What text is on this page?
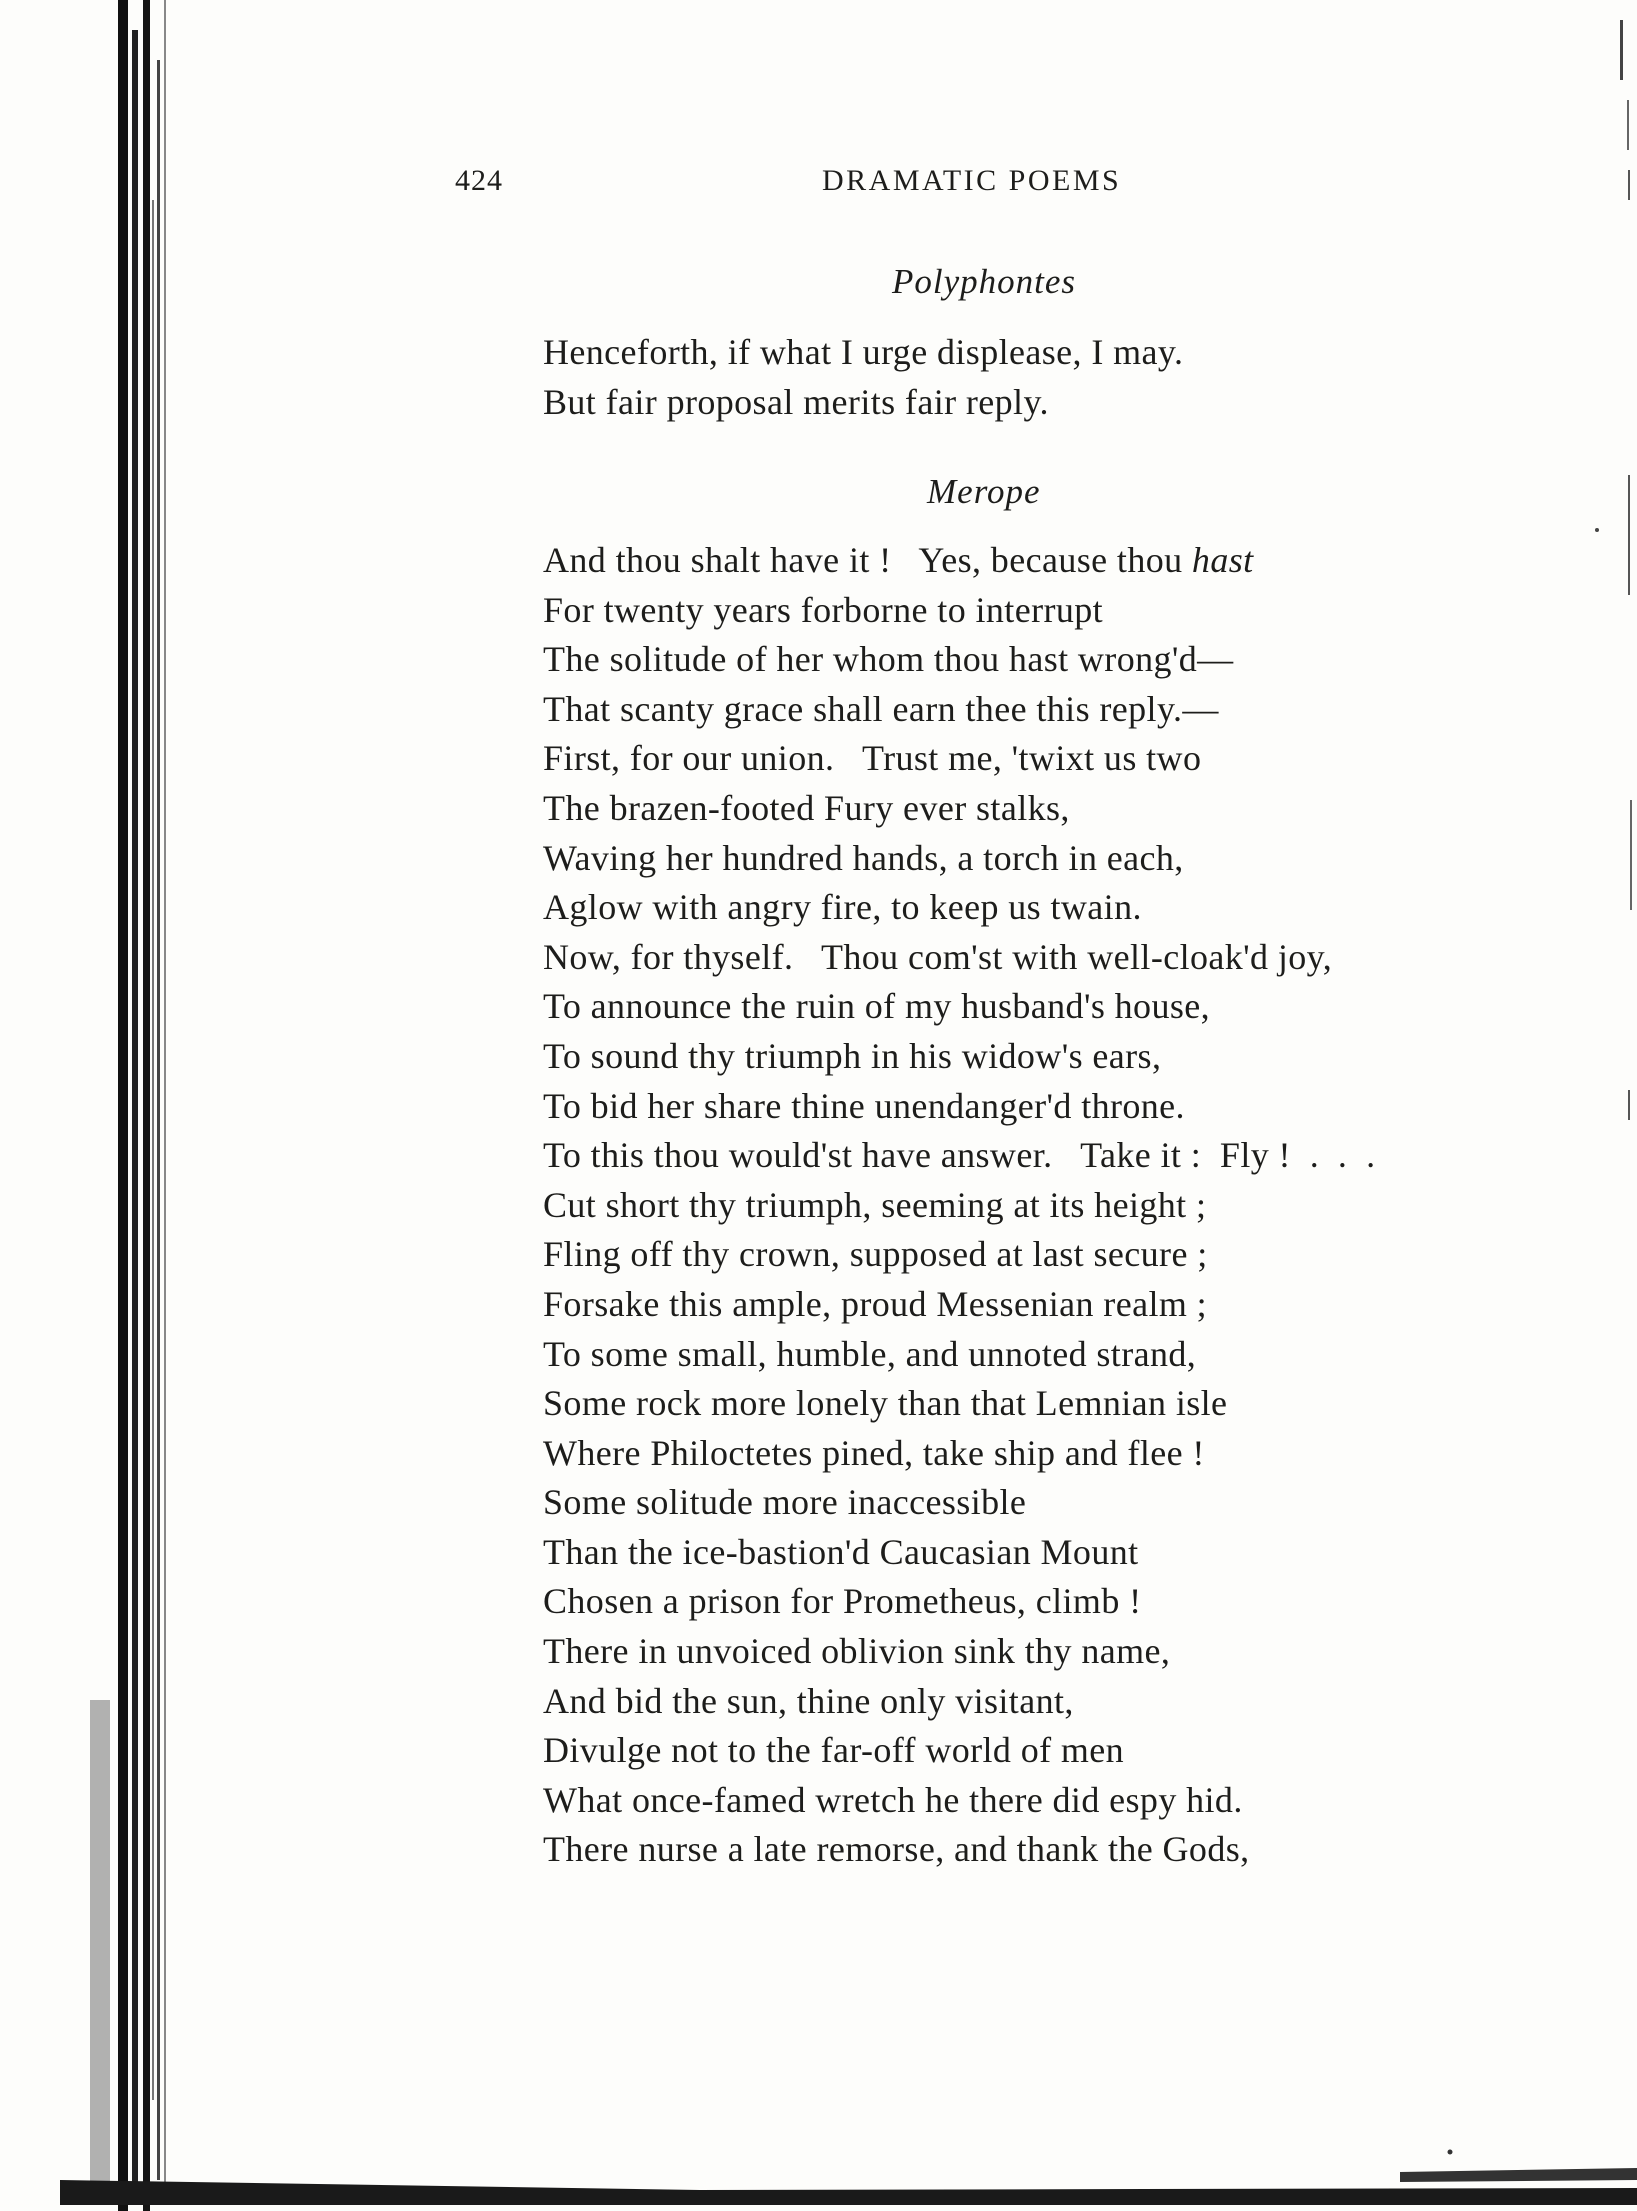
424	DRAMATIC POEMS
Polyphontes
Henceforth, if what I urge displease, I may.
But fair proposal merits fair reply.
Merope
And thou shalt have it !   Yes, because thou hast
For twenty years forborne to interrupt
The solitude of her whom thou hast wrong'd—
That scanty grace shall earn thee this reply.—
First, for our union.   Trust me, 'twixt us two
The brazen-footed Fury ever stalks,
Waving her hundred hands, a torch in each,
Aglow with angry fire, to keep us twain.
Now, for thyself.   Thou com'st with well-cloak'd joy,
To announce the ruin of my husband's house,
To sound thy triumph in his widow's ears,
To bid her share thine unendanger'd throne.
To this thou would'st have answer.   Take it :  Fly !  .  .  .
Cut short thy triumph, seeming at its height ;
Fling off thy crown, supposed at last secure ;
Forsake this ample, proud Messenian realm ;
To some small, humble, and unnoted strand,
Some rock more lonely than that Lemnian isle
Where Philoctetes pined, take ship and flee !
Some solitude more inaccessible
Than the ice-bastion'd Caucasian Mount
Chosen a prison for Prometheus, climb !
There in unvoiced oblivion sink thy name,
And bid the sun, thine only visitant,
Divulge not to the far-off world of men
What once-famed wretch he there did espy hid.
There nurse a late remorse, and thank the Gods,
